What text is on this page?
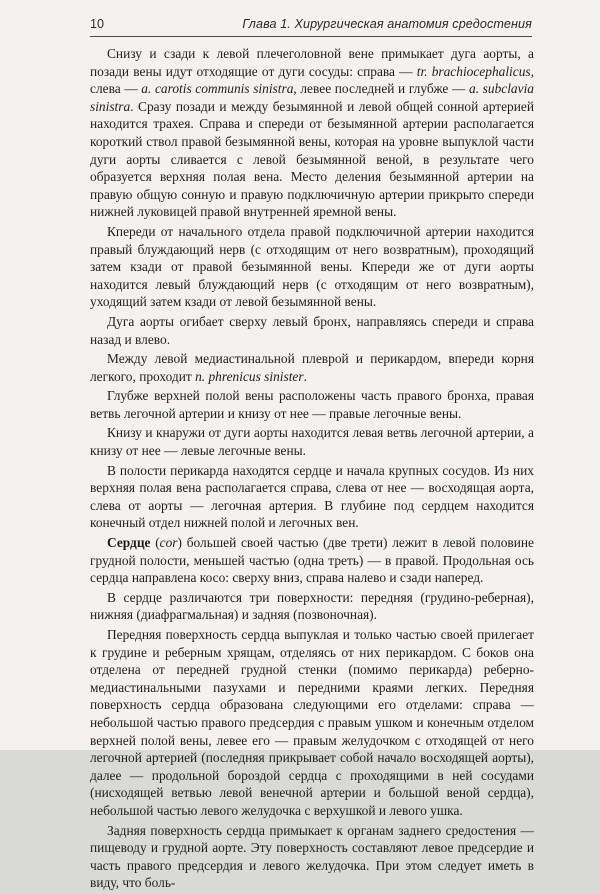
10	Глава 1. Хирургическая анатомия средостения

Снизу и сзади к левой плечеголовной вене примыкает дуга аорты, а позади вены идут отходящие от дуги сосуды: справа — tr. brachiocephalicus, слева — a. carotis communis sinistra, левее последней и глубже — a. subclavia sinistra. Сразу позади и между безымянной и левой общей сонной артерией находится трахея. Справа и спереди от безымянной артерии располагается короткий ствол правой безымянной вены, которая на уровне выпуклой части дуги аорты сливается с левой безымянной веной, в результате чего образуется верхняя полая вена. Место деления безымянной артерии на правую общую сонную и правую подключичную артерии прикрыто спереди нижней луковицей правой внутренней яремной вены.

Кпереди от начального отдела правой подключичной артерии находится правый блуждающий нерв (с отходящим от него возвратным), проходящий затем кзади от правой безымянной вены. Кпереди же от дуги аорты находится левый блуждающий нерв (с отходящим от него возвратным), уходящий затем кзади от левой безымянной вены.

Дуга аорты огибает сверху левый бронх, направляясь спереди и справа назад и влево.

Между левой медиастинальной плеврой и перикардом, впереди корня легкого, проходит n. phrenicus sinister.

Глубже верхней полой вены расположены часть правого бронха, правая ветвь легочной артерии и книзу от нее — правые легочные вены.

Книзу и кнаружи от дуги аорты находится левая ветвь легочной артерии, а книзу от нее — левые легочные вены.

В полости перикарда находятся сердце и начала крупных сосудов. Из них верхняя полая вена располагается справа, слева от нее — восходящая аорта, слева от аорты — легочная артерия. В глубине под сердцем находится конечный отдел нижней полой и легочных вен.

Сердце (cor) большей своей частью (две трети) лежит в левой половине грудной полости, меньшей частью (одна треть) — в правой. Продольная ось сердца направлена косо: сверху вниз, справа налево и сзади наперед.

В сердце различаются три поверхности: передняя (грудино-реберная), нижняя (диафрагмальная) и задняя (позвоночная).

Передняя поверхность сердца выпуклая и только частью своей прилегает к грудине и реберным хрящам, отделяясь от них перикардом. С боков она отделена от передней грудной стенки (помимо перикарда) реберно-медиастинальными пазухами и передними краями легких. Передняя поверхность сердца образована следующими его отделами: справа — небольшой частью правого предсердия с правым ушком и конечным отделом верхней полой вены, левее его — правым желудочком с отходящей от него легочной артерией (последняя прикрывает собой начало восходящей аорты), далее — продольной бороздой сердца с проходящими в ней сосудами (нисходящей ветвью левой венечной артерии и большой веной сердца), небольшой частью левого желудочка с верхушкой и левого ушка.

Задняя поверхность сердца примыкает к органам заднего средостения — пищеводу и грудной аорте. Эту поверхность составляют левое предсердие и часть правого предсердия и левого желудочка. При этом следует иметь в виду, что боль-
